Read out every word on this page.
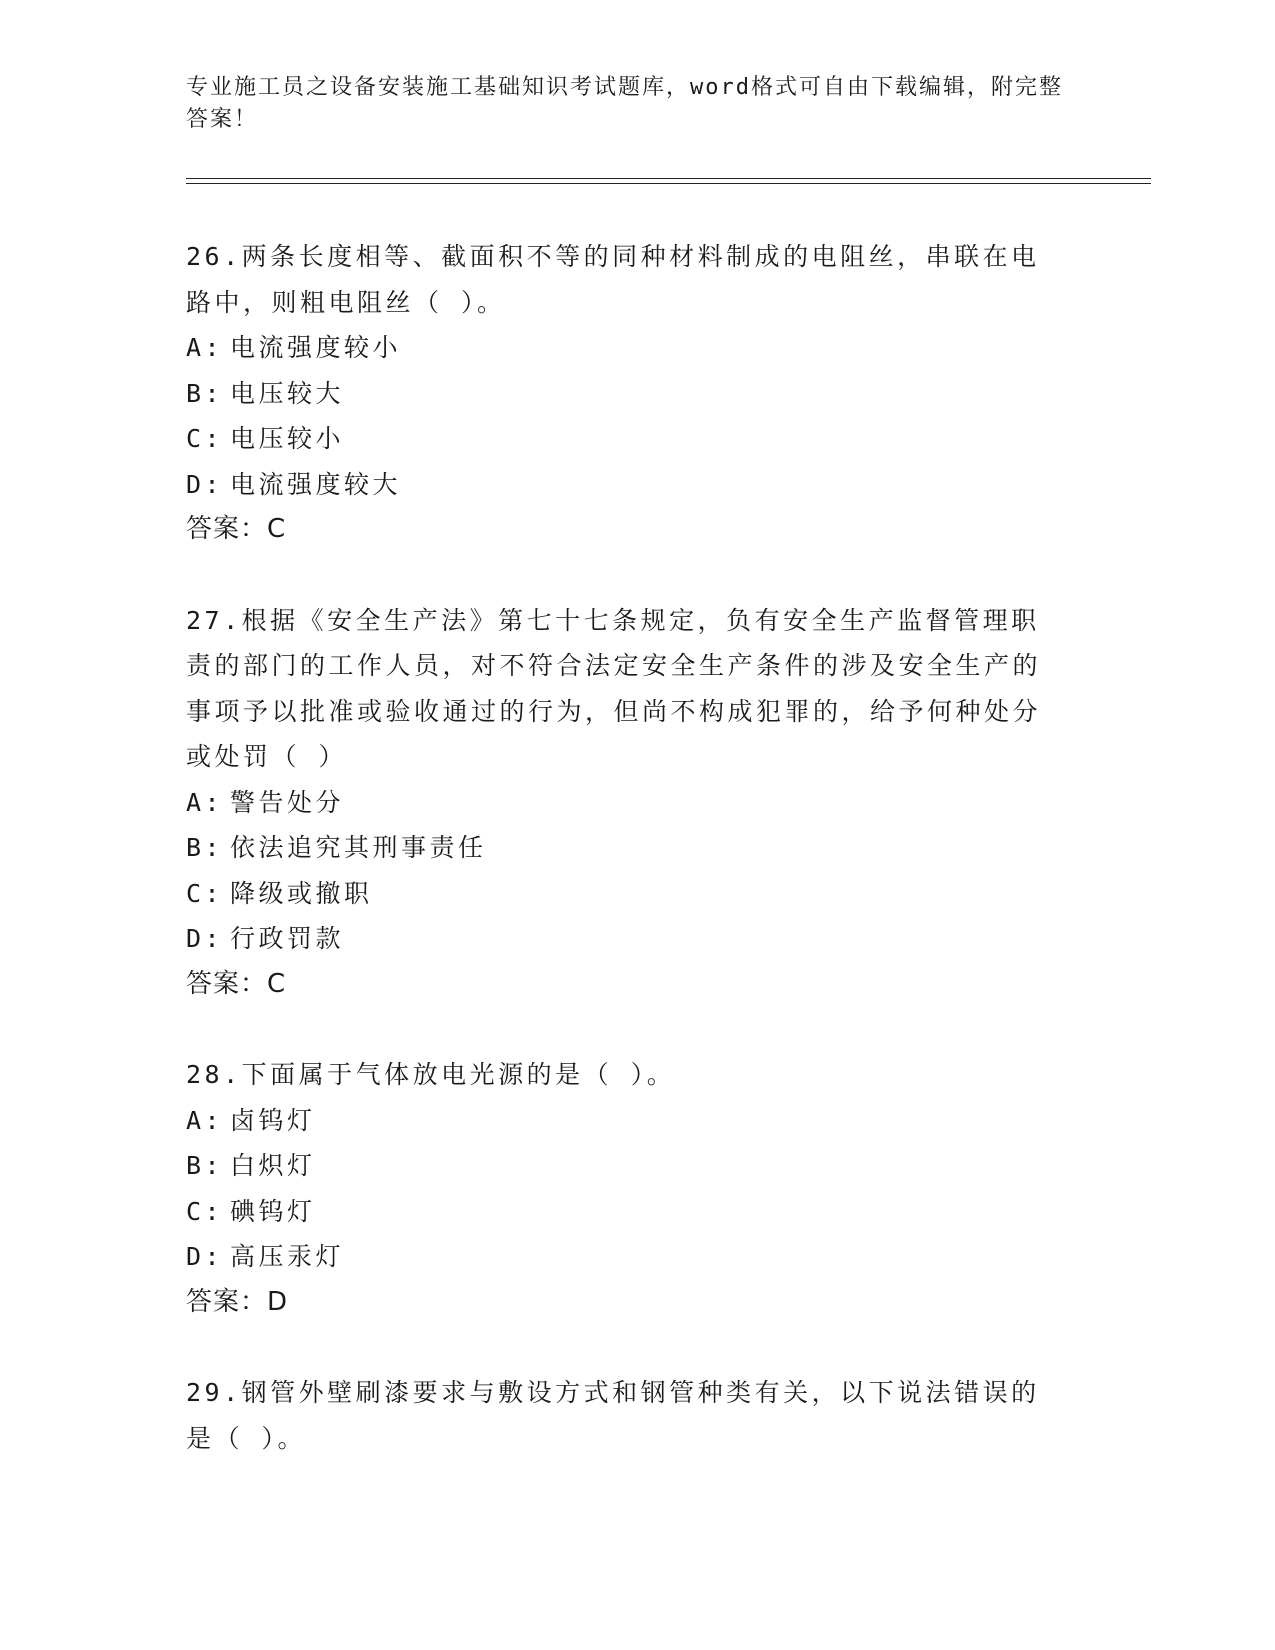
专业施工员之设备安装施工基础知识考试题库，word格式可自由下载编辑，附完整答案！

26.两条长度相等、截面积不等的同种材料制成的电阻丝，串联在电路中，则粗电阻丝（ ）。

A: 电流强度较小

B: 电压较大

C: 电压较小

D: 电流强度较大

答案：C

27.根据《安全生产法》第七十七条规定，负有安全生产监督管理职责的部门的工作人员，对不符合法定安全生产条件的涉及安全生产的事项予以批准或验收通过的行为，但尚不构成犯罪的，给予何种处分或处罚（ ）

A: 警告处分

B: 依法追究其刑事责任

C: 降级或撤职

D: 行政罚款

答案：C

28.下面属于气体放电光源的是（ ）。

A: 卤钨灯

B: 白炽灯

C: 碘钨灯

D: 高压汞灯

答案：D

29.钢管外壁刷漆要求与敷设方式和钢管种类有关，以下说法错误的是（ ）。
